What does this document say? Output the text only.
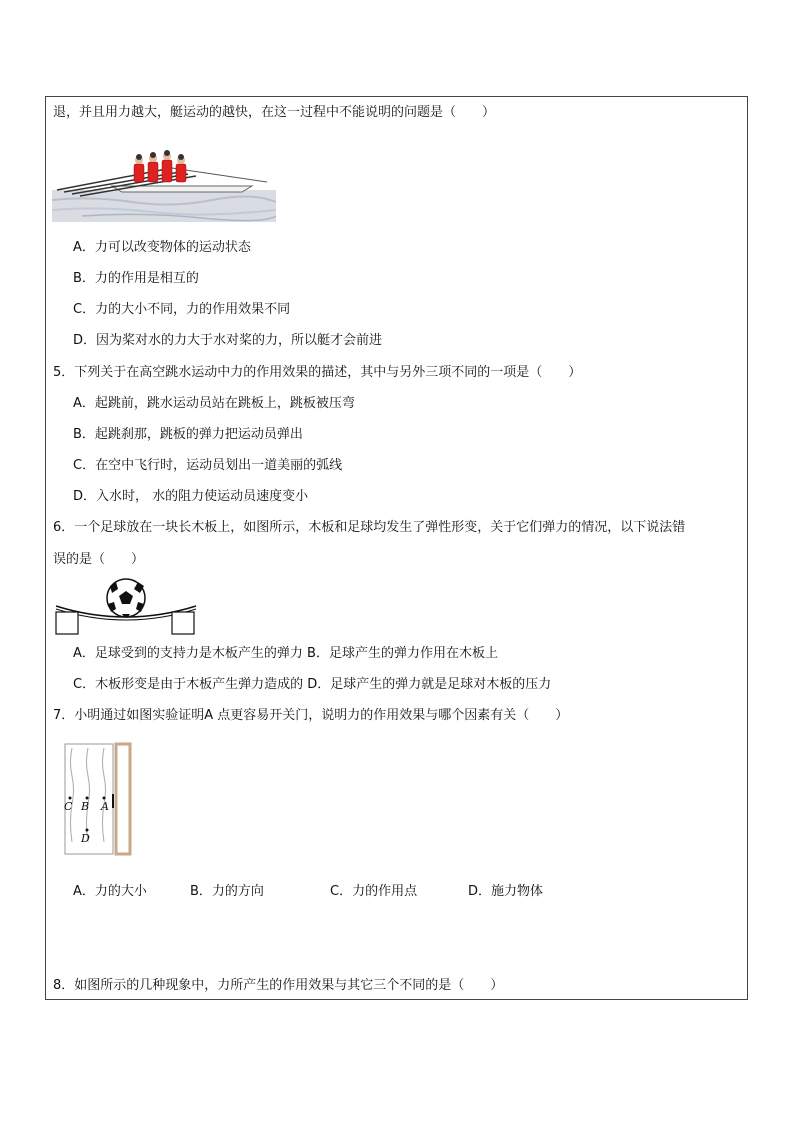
退，并且用力越大，艇运动的越快，在这一过程中不能说明的问题是（　　）
A．力可以改变物体的运动状态
B．力的作用是相互的
C．力的大小不同，力的作用效果不同
D．因为桨对水的力大于水对桨的力，所以艇才会前进
5．下列关于在高空跳水运动中力的作用效果的描述，其中与另外三项不同的一项是（　　）
A．起跳前，跳水运动员站在跳板上，跳板被压弯
B．起跳刹那，跳板的弹力把运动员弹出
C．在空中飞行时，运动员划出一道美丽的弧线
D．入水时， 水的阻力使运动员速度变小
6．一个足球放在一块长木板上，如图所示，木板和足球均发生了弹性形变，关于它们弹力的情况，以下说法错
误的是（　　）
A．足球受到的支持力是木板产生的弹力 B．足球产生的弹力作用在木板上
C．木板形变是由于木板产生弹力造成的 D．足球产生的弹力就是足球对木板的压力
7．小明通过如图实验证明A 点更容易开关门，说明力的作用效果与哪个因素有关（　　）
C B A
D
A．力的大小	B．力的方向	C．力的作用点	D．施力物体
8．如图所示的几种现象中，力所产生的作用效果与其它三个不同的是（　　）
